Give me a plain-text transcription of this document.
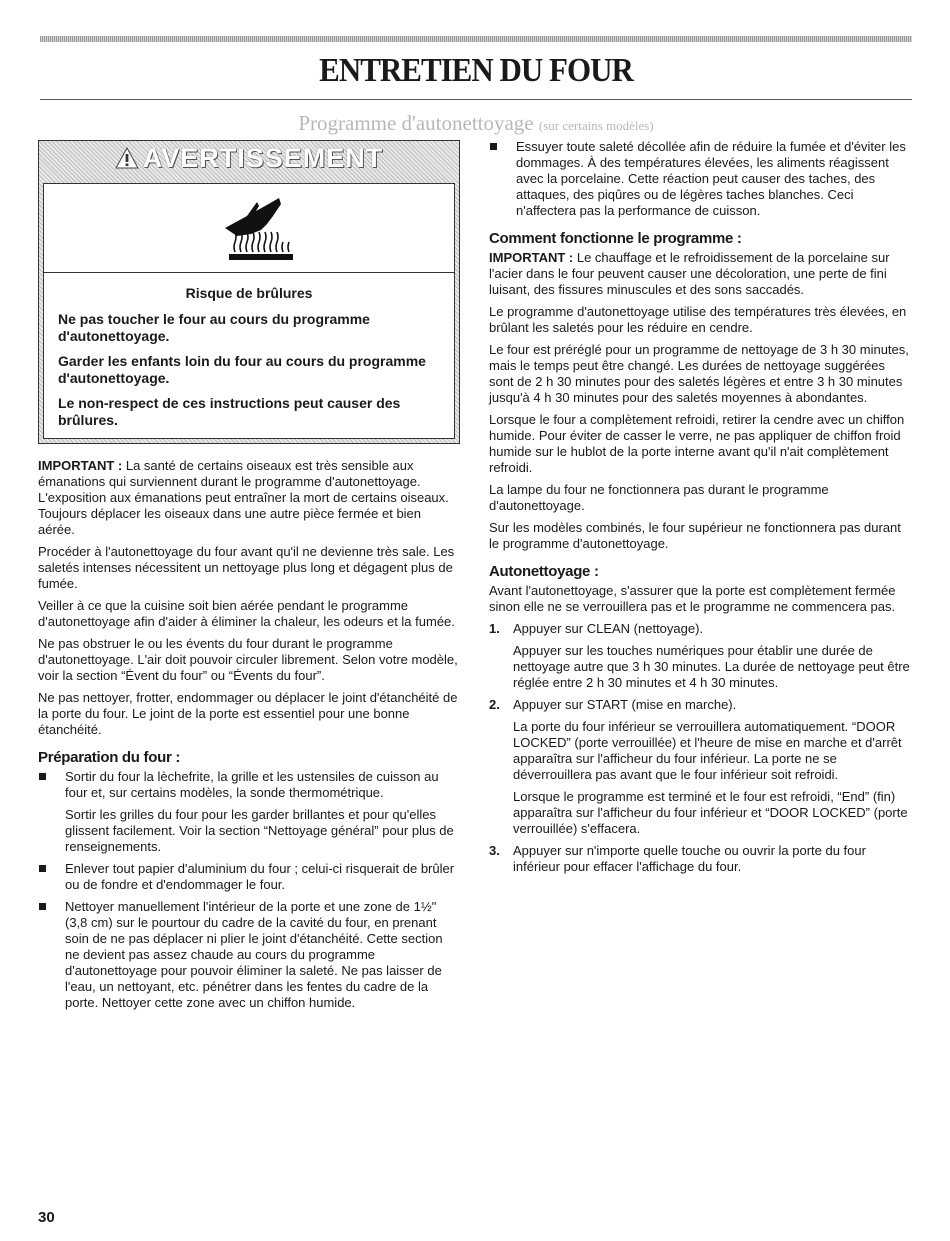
ENTRETIEN DU FOUR
Programme d'autonettoyage (sur certains modèles)
AVERTISSEMENT

Risque de brûlures

Ne pas toucher le four au cours du programme d'autonettoyage.

Garder les enfants loin du four au cours du programme d'autonettoyage.

Le non-respect de ces instructions peut causer des brûlures.

IMPORTANT : La santé de certains oiseaux est très sensible aux émanations qui surviennent durant le programme d'autonettoyage. L'exposition aux émanations peut entraîner la mort de certains oiseaux. Toujours déplacer les oiseaux dans une autre pièce fermée et bien aérée.

Procéder à l'autonettoyage du four avant qu'il ne devienne très sale. Les saletés intenses nécessitent un nettoyage plus long et dégagent plus de fumée.

Veiller à ce que la cuisine soit bien aérée pendant le programme d'autonettoyage afin d'aider à éliminer la chaleur, les odeurs et la fumée.

Ne pas obstruer le ou les évents du four durant le programme d'autonettoyage. L'air doit pouvoir circuler librement. Selon votre modèle, voir la section “Évent du four” ou “Évents du four”.

Ne pas nettoyer, frotter, endommager ou déplacer le joint d'étanchéité de la porte du four. Le joint de la porte est essentiel pour une bonne étanchéité.

Préparation du four :

Sortir du four la lèchefrite, la grille et les ustensiles de cuisson au four et, sur certains modèles, la sonde thermométrique.

Sortir les grilles du four pour les garder brillantes et pour qu'elles glissent facilement. Voir la section “Nettoyage général” pour plus de renseignements.

Enlever tout papier d'aluminium du four ; celui-ci risquerait de brûler ou de fondre et d'endommager le four.

Nettoyer manuellement l'intérieur de la porte et une zone de 1½" (3,8 cm) sur le pourtour du cadre de la cavité du four, en prenant soin de ne pas déplacer ni plier le joint d'étanchéité. Cette section ne devient pas assez chaude au cours du programme d'autonettoyage pour pouvoir éliminer la saleté. Ne pas laisser de l'eau, un nettoyant, etc. pénétrer dans les fentes du cadre de la porte. Nettoyer cette zone avec un chiffon humide.

Essuyer toute saleté décollée afin de réduire la fumée et d'éviter les dommages. À des températures élevées, les aliments réagissent avec la porcelaine. Cette réaction peut causer des taches, des attaques, des piqûres ou de légères taches blanches. Ceci n'affectera pas la performance de cuisson.

Comment fonctionne le programme :

IMPORTANT : Le chauffage et le refroidissement de la porcelaine sur l'acier dans le four peuvent causer une décoloration, une perte de fini luisant, des fissures minuscules et des sons saccadés.

Le programme d'autonettoyage utilise des températures très élevées, en brûlant les saletés pour les réduire en cendre.

Le four est préréglé pour un programme de nettoyage de 3 h 30 minutes, mais le temps peut être changé. Les durées de nettoyage suggérées sont de 2 h 30 minutes pour des saletés légères et entre 3 h 30 minutes jusqu'à 4 h 30 minutes pour des saletés moyennes à abondantes.

Lorsque le four a complètement refroidi, retirer la cendre avec un chiffon humide. Pour éviter de casser le verre, ne pas appliquer de chiffon froid humide sur le hublot de la porte interne avant qu'il n'ait complètement refroidi.

La lampe du four ne fonctionnera pas durant le programme d'autonettoyage.

Sur les modèles combinés, le four supérieur ne fonctionnera pas durant le programme d'autonettoyage.

Autonettoyage :

Avant l'autonettoyage, s'assurer que la porte est complètement fermée sinon elle ne se verrouillera pas et le programme ne commencera pas.

1. Appuyer sur CLEAN (nettoyage).

Appuyer sur les touches numériques pour établir une durée de nettoyage autre que 3 h 30 minutes. La durée de nettoyage peut être réglée entre 2 h 30 minutes et 4 h 30 minutes.

2. Appuyer sur START (mise en marche).

La porte du four inférieur se verrouillera automatiquement. “DOOR LOCKED” (porte verrouillée) et l'heure de mise en marche et d'arrêt apparaîtra sur l'afficheur du four inférieur. La porte ne se déverrouillera pas avant que le four inférieur soit refroidi.

Lorsque le programme est terminé et le four est refroidi, “End” (fin) apparaîtra sur l'afficheur du four inférieur et “DOOR LOCKED” (porte verrouillée) s'effacera.

3. Appuyer sur n'importe quelle touche ou ouvrir la porte du four inférieur pour effacer l'affichage du four.

30
